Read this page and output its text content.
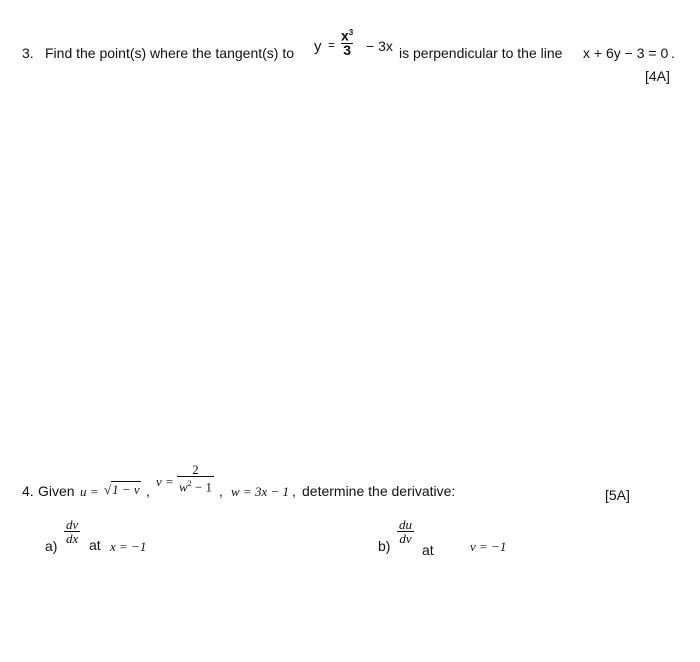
3. Find the point(s) where the tangent(s) to $y = \frac{x^3}{3} - 3x$ is perpendicular to the line x + 6y − 3 = 0 .
[4A]
4. Given u = √1 − v ,
$v = \frac{2}{w^2 - 1}$ , w = 3x − 1 , determine the derivative:	[5A]
a)
$\frac{dv}{dx}$ at x = −1	b)
$\frac{du}{dv}$
at	v = −1
